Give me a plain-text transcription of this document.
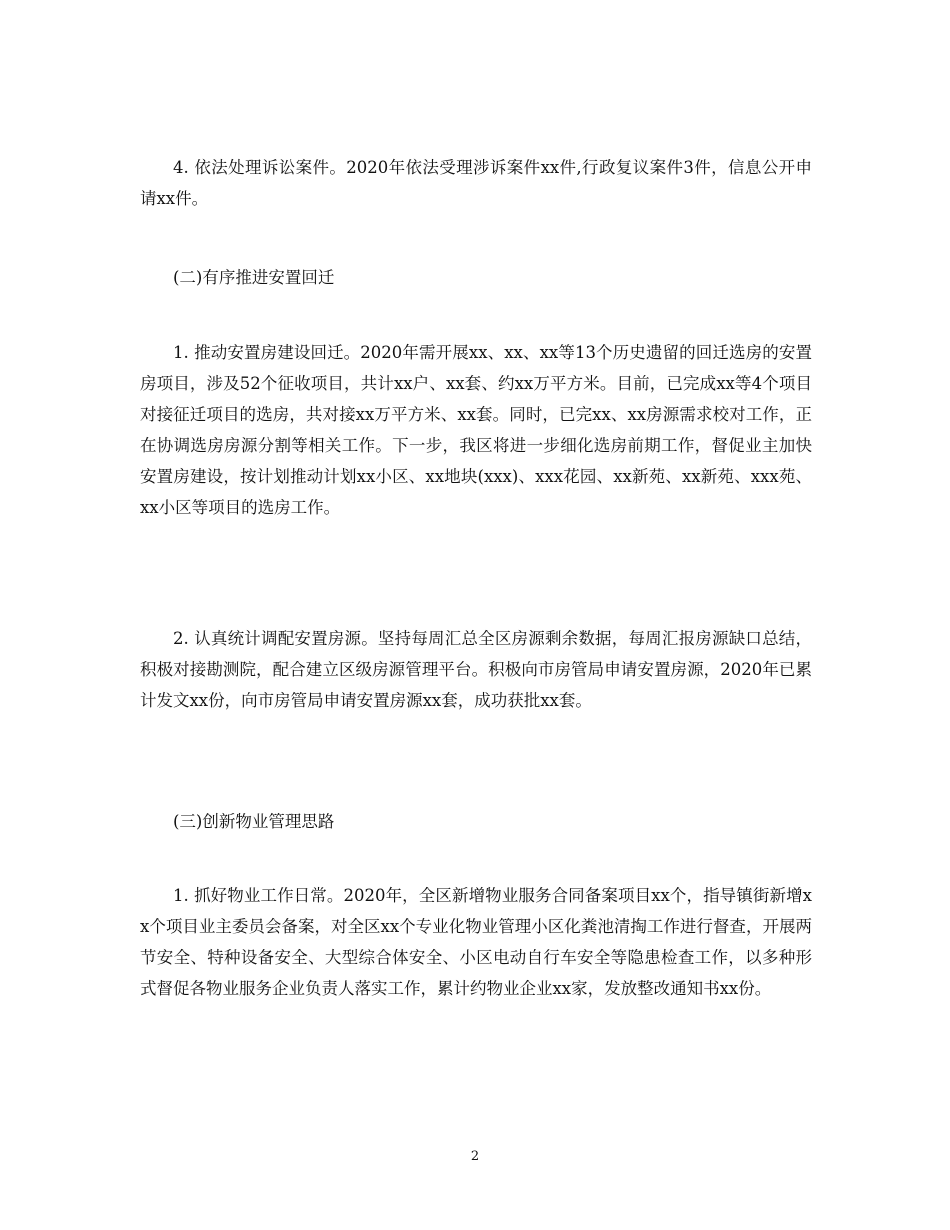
4. 依法处理诉讼案件。2020年依法受理涉诉案件xx件,行政复议案件3件，信息公开申请xx件。

(二)有序推进安置回迁

1. 推动安置房建设回迁。2020年需开展xx、xx、xx等13个历史遗留的回迁选房的安置房项目，涉及52个征收项目，共计xx户、xx套、约xx万平方米。目前，已完成xx等4个项目对接征迁项目的选房，共对接xx万平方米、xx套。同时，已完xx、xx房源需求校对工作，正在协调选房房源分割等相关工作。下一步，我区将进一步细化选房前期工作，督促业主加快安置房建设，按计划推动计划xx小区、xx地块(xxx)、xxx花园、xx新苑、xx新苑、xxx苑、xx小区等项目的选房工作。

2. 认真统计调配安置房源。坚持每周汇总全区房源剩余数据，每周汇报房源缺口总结，积极对接勘测院，配合建立区级房源管理平台。积极向市房管局申请安置房源，2020年已累计发文xx份，向市房管局申请安置房源xx套，成功获批xx套。

(三)创新物业管理思路

1. 抓好物业工作日常。2020年，全区新增物业服务合同备案项目xx个，指导镇街新增xx个项目业主委员会备案，对全区xx个专业化物业管理小区化粪池清掏工作进行督查，开展两节安全、特种设备安全、大型综合体安全、小区电动自行车安全等隐患检查工作，以多种形式督促各物业服务企业负责人落实工作，累计约物业企业xx家，发放整改通知书xx份。

2
